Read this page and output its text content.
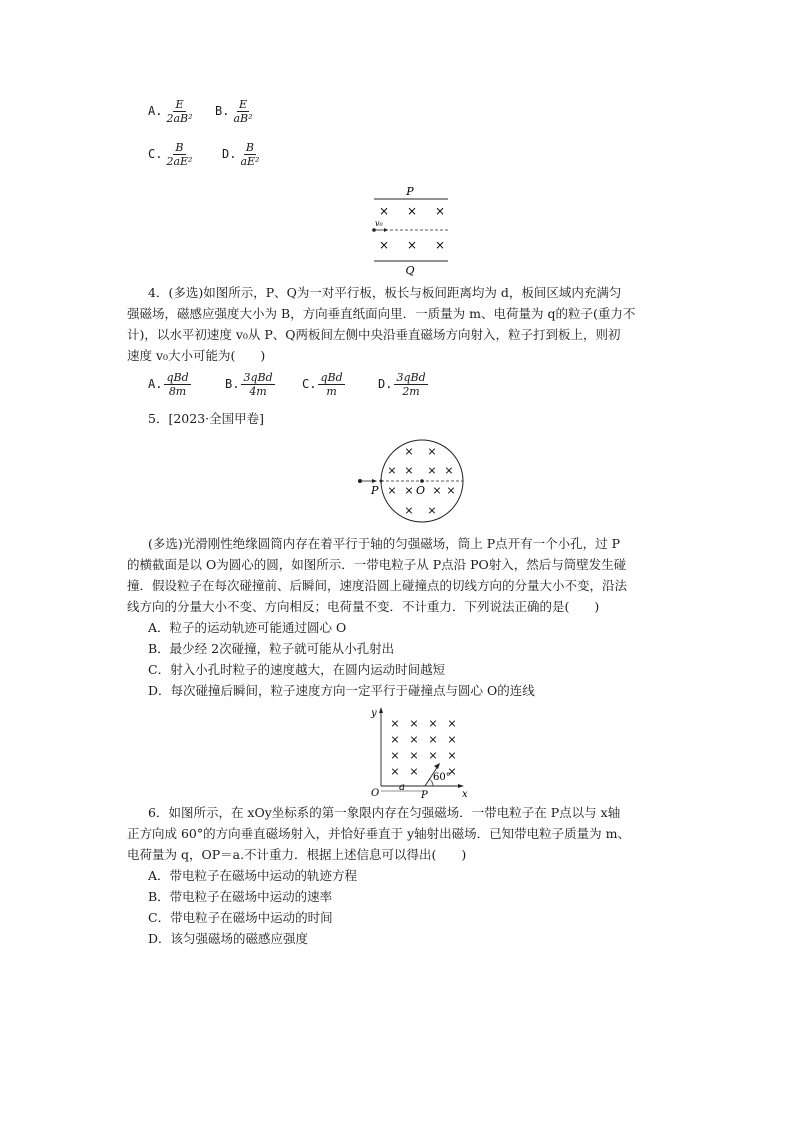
A. $\frac{E}{\text{2aB²}} B$. $\frac{E}{\text{aB²}}$
C. $\frac{B}{\text{2aE²}} D$. $\frac{B}{\text{aE²}}$
P
× × ×
v₀
× × ×
Q
4．(多选)如图所示，P、Q为一对平行板，板长与板间距离均为 d，板间区域内充满匀
强磁场，磁感应强度大小为 B，方向垂直纸面向里．一质量为 m、电荷量为 q的粒子(重力不
计)，以水平初速度 v₀从 P、Q两板间左侧中央沿垂直磁场方向射入，粒子打到板上，则初
速度 v₀大小可能为(　　)
A. $\frac{\text{qBd}}{8m}$	B. $\frac{\text{3qBd}}{4m} C$. $\frac{\text{qBd}}{m}$	D. $\frac{\text{3qBd}}{2m}$
5．[2023·全国甲卷]
P	O
× ×
× × × ×
× × × ×
× ×
(多选)光滑刚性绝缘圆筒内存在着平行于轴的匀强磁场，筒上 P点开有一个小孔，过 P
的横截面是以 O为圆心的圆，如图所示．一带电粒子从 P点沿 PO射入，然后与筒壁发生碰
撞．假设粒子在每次碰撞前、后瞬间，速度沿圆上碰撞点的切线方向的分量大小不变，沿法
线方向的分量大小不变、方向相反；电荷量不变．不计重力．下列说法正确的是(　　)
A．粒子的运动轨迹可能通过圆心 O
B．最少经 2次碰撞，粒子就可能从小孔射出
C．射入小孔时粒子的速度越大，在圆内运动时间越短
D．每次碰撞后瞬间，粒子速度方向一定平行于碰撞点与圆心 O的连线
y
x
O
× × × ×
× × × ×
× × × ×
× ×	×
60°
a
P
6．如图所示，在 xOy坐标系的第一象限内存在匀强磁场．一带电粒子在 P点以与 x轴
正方向成 60°的方向垂直磁场射入，并恰好垂直于 y轴射出磁场．已知带电粒子质量为 m、
电荷量为 q，OP＝a.不计重力．根据上述信息可以得出(　　)
A．带电粒子在磁场中运动的轨迹方程
B．带电粒子在磁场中运动的速率
C．带电粒子在磁场中运动的时间
D．该匀强磁场的磁感应强度
